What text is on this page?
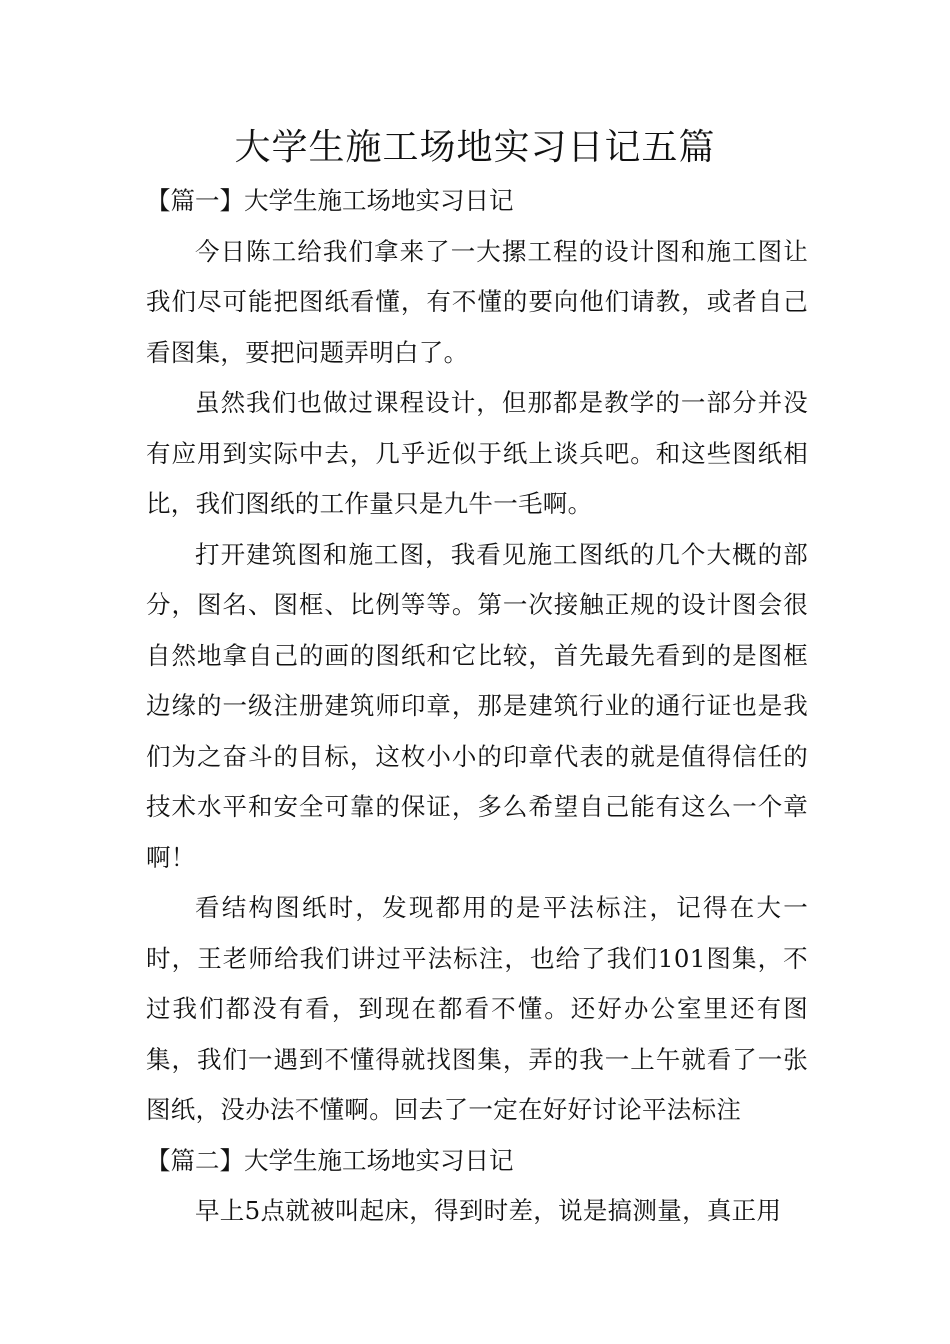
大学生施工场地实习日记五篇
【篇一】大学生施工场地实习日记

今日陈工给我们拿来了一大摞工程的设计图和施工图让我们尽可能把图纸看懂，有不懂的要向他们请教，或者自己看图集，要把问题弄明白了。

虽然我们也做过课程设计，但那都是教学的一部分并没有应用到实际中去，几乎近似于纸上谈兵吧。和这些图纸相比，我们图纸的工作量只是九牛一毛啊。

打开建筑图和施工图，我看见施工图纸的几个大概的部分，图名、图框、比例等等。第一次接触正规的设计图会很自然地拿自己的画的图纸和它比较，首先最先看到的是图框边缘的一级注册建筑师印章，那是建筑行业的通行证也是我们为之奋斗的目标，这枚小小的印章代表的就是值得信任的技术水平和安全可靠的保证，多么希望自己能有这么一个章啊！

看结构图纸时，发现都用的是平法标注，记得在大一时，王老师给我们讲过平法标注，也给了我们101图集，不过我们都没有看，到现在都看不懂。还好办公室里还有图集，我们一遇到不懂得就找图集，弄的我一上午就看了一张图纸，没办法不懂啊。回去了一定在好好讨论平法标注

【篇二】大学生施工场地实习日记

早上5点就被叫起床，得到时差，说是搞测量，真正用
